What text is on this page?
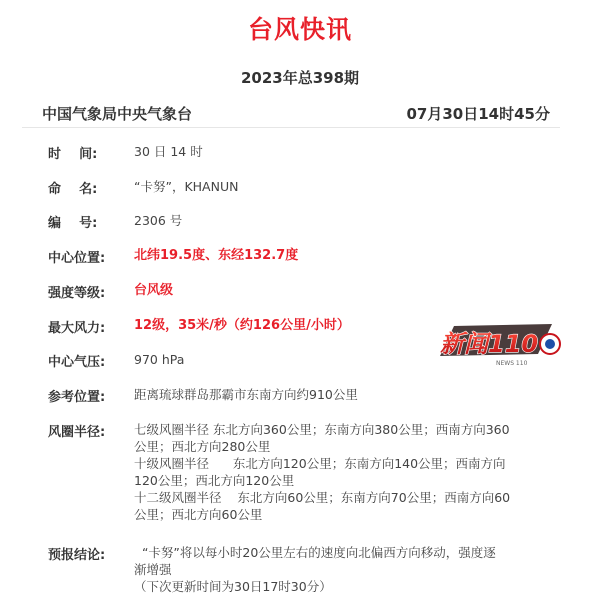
台风快讯
2023年总398期
中国气象局中央气象台	07月30日14时45分
时    间:	30 日 14 时
命    名:	“卡努”，KHANUN
编    号:	2306 号
中心位置:	北纬19.5度、东经132.7度
强度等级:	台风级
最大风力:	12级，35米/秒（约126公里/小时）
中心气压:	970 hPa
参考位置:	距离琉球群岛那霸市东南方向约910公里
风圈半径:	七级风圈半径 东北方向360公里；东南方向380公里；西南方向360
公里；西北方向280公里
十级风圈半径      东北方向120公里；东南方向140公里；西南方向
120公里；西北方向120公里
十二级风圈半径    东北方向60公里；东南方向70公里；西南方向60
公里；西北方向60公里
预报结论:	“卡努”将以每小时20公里左右的速度向北偏西方向移动，强度逐
渐增强
（下次更新时间为30日17时30分）
新闻110
NEWS 110
